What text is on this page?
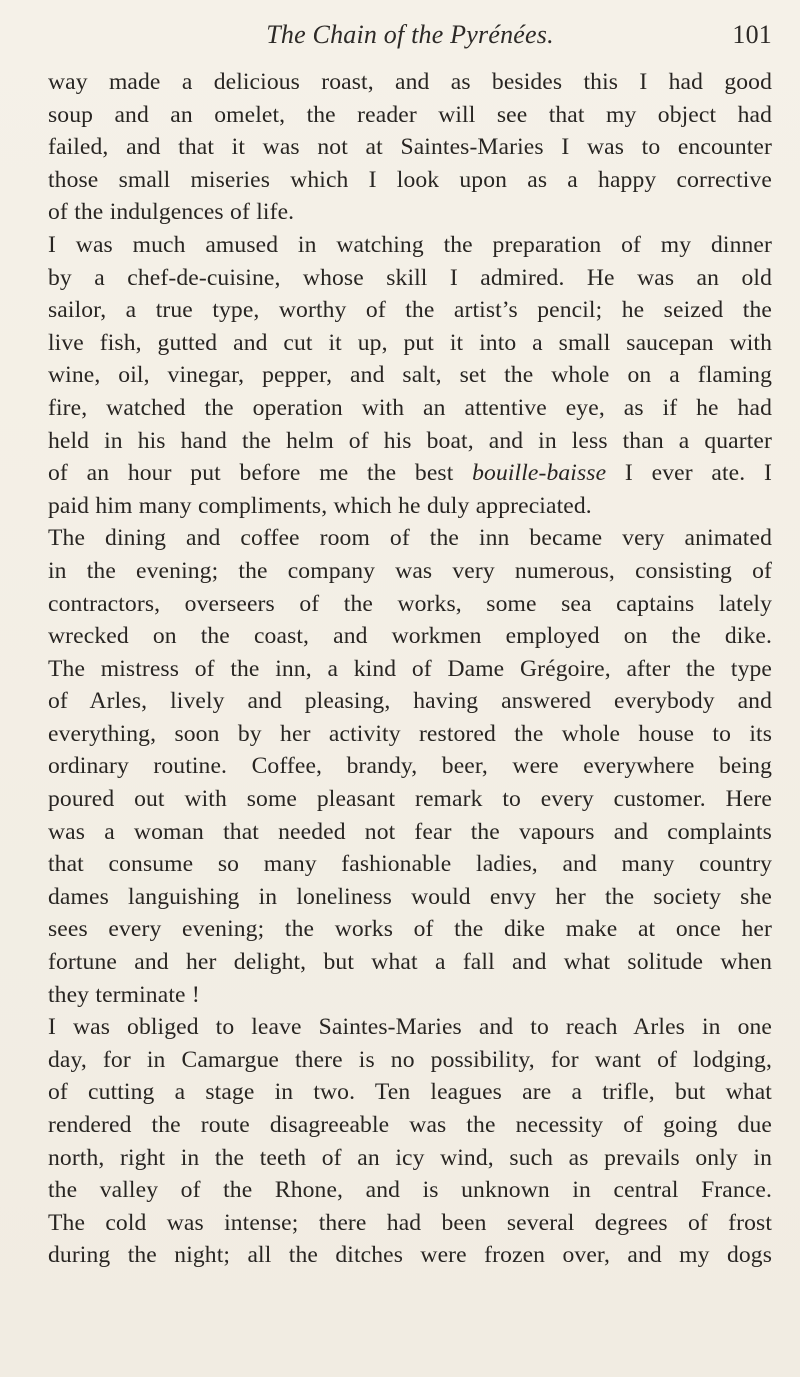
The Chain of the Pyrénées.	101
way made a delicious roast, and as besides this I had good
soup and an omelet, the reader will see that my object had
failed, and that it was not at Saintes-Maries I was to encounter
those small miseries which I look upon as a happy corrective
of the indulgences of life.
I was much amused in watching the preparation of my dinner
by a chef-de-cuisine, whose skill I admired. He was an old
sailor, a true type, worthy of the artist’s pencil; he seized the
live fish, gutted and cut it up, put it into a small saucepan with
wine, oil, vinegar, pepper, and salt, set the whole on a flaming
fire, watched the operation with an attentive eye, as if he had
held in his hand the helm of his boat, and in less than a quarter
of an hour put before me the best bouille-baisse I ever ate. I
paid him many compliments, which he duly appreciated.
The dining and coffee room of the inn became very animated
in the evening; the company was very numerous, consisting of
contractors, overseers of the works, some sea captains lately
wrecked on the coast, and workmen employed on the dike.
The mistress of the inn, a kind of Dame Grégoire, after the type
of Arles, lively and pleasing, having answered everybody and
everything, soon by her activity restored the whole house to its
ordinary routine. Coffee, brandy, beer, were everywhere being
poured out with some pleasant remark to every customer. Here
was a woman that needed not fear the vapours and complaints
that consume so many fashionable ladies, and many country
dames languishing in loneliness would envy her the society she
sees every evening; the works of the dike make at once her
fortune and her delight, but what a fall and what solitude when
they terminate !
I was obliged to leave Saintes-Maries and to reach Arles in one
day, for in Camargue there is no possibility, for want of lodging,
of cutting a stage in two. Ten leagues are a trifle, but what
rendered the route disagreeable was the necessity of going due
north, right in the teeth of an icy wind, such as prevails only in
the valley of the Rhone, and is unknown in central France.
The cold was intense; there had been several degrees of frost
during the night; all the ditches were frozen over, and my dogs
